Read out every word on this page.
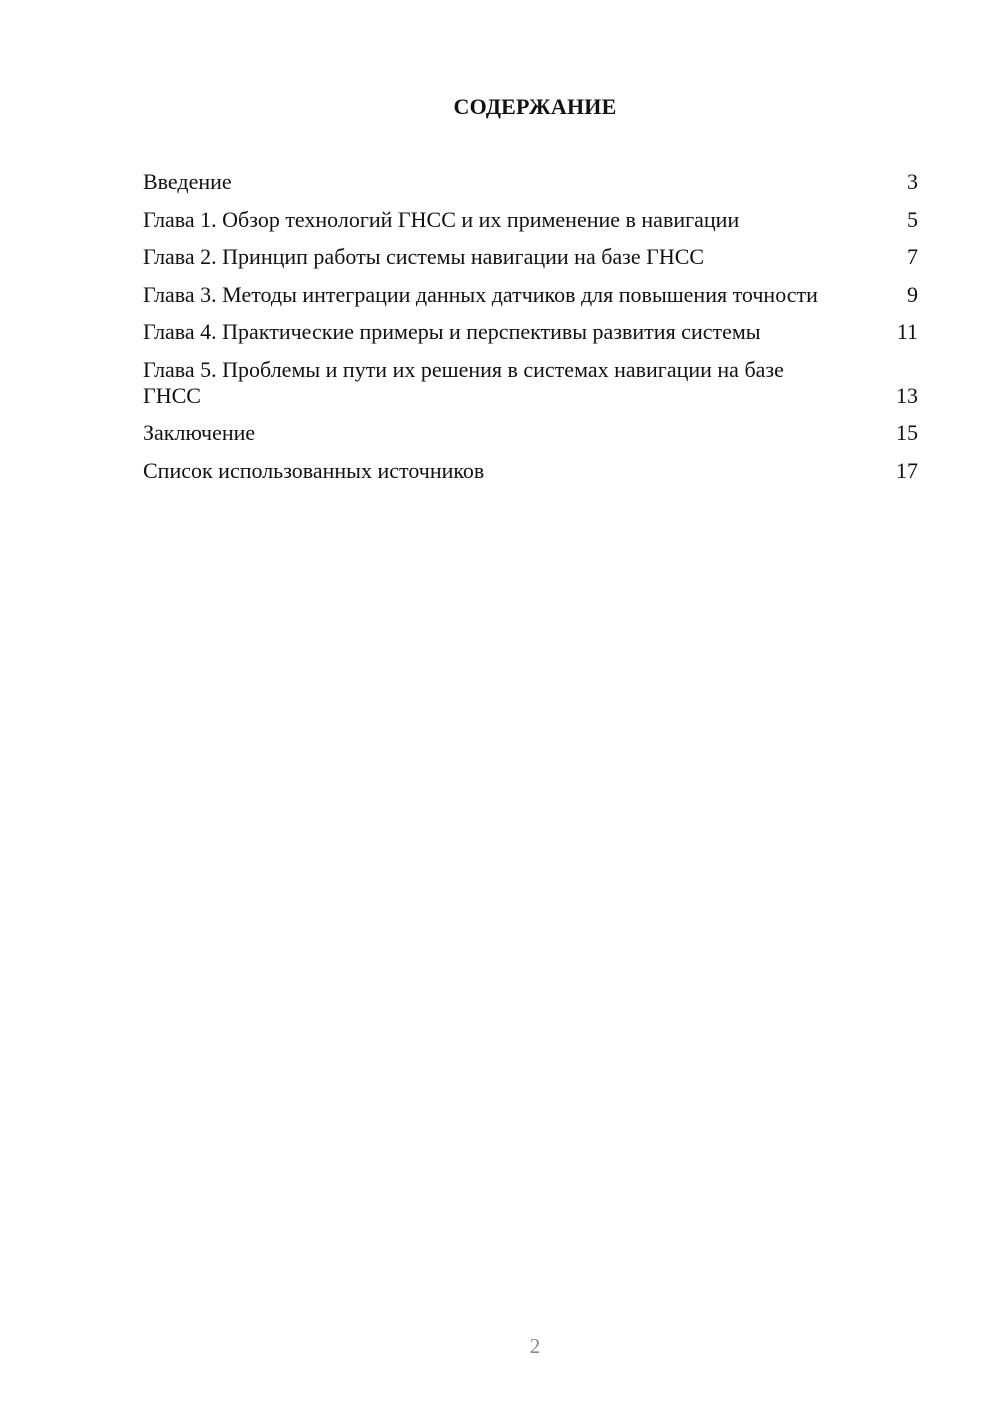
СОДЕРЖАНИЕ
Введение	3
Глава 1. Обзор технологий ГНСС и их применение в навигации	5
Глава 2. Принцип работы системы навигации на базе ГНСС	7
Глава 3. Методы интеграции данных датчиков для повышения точности	9
Глава 4. Практические примеры и перспективы развития системы	11
Глава 5. Проблемы и пути их решения в системах навигации на базе ГНСС	13
Заключение	15
Список использованных источников	17
2
